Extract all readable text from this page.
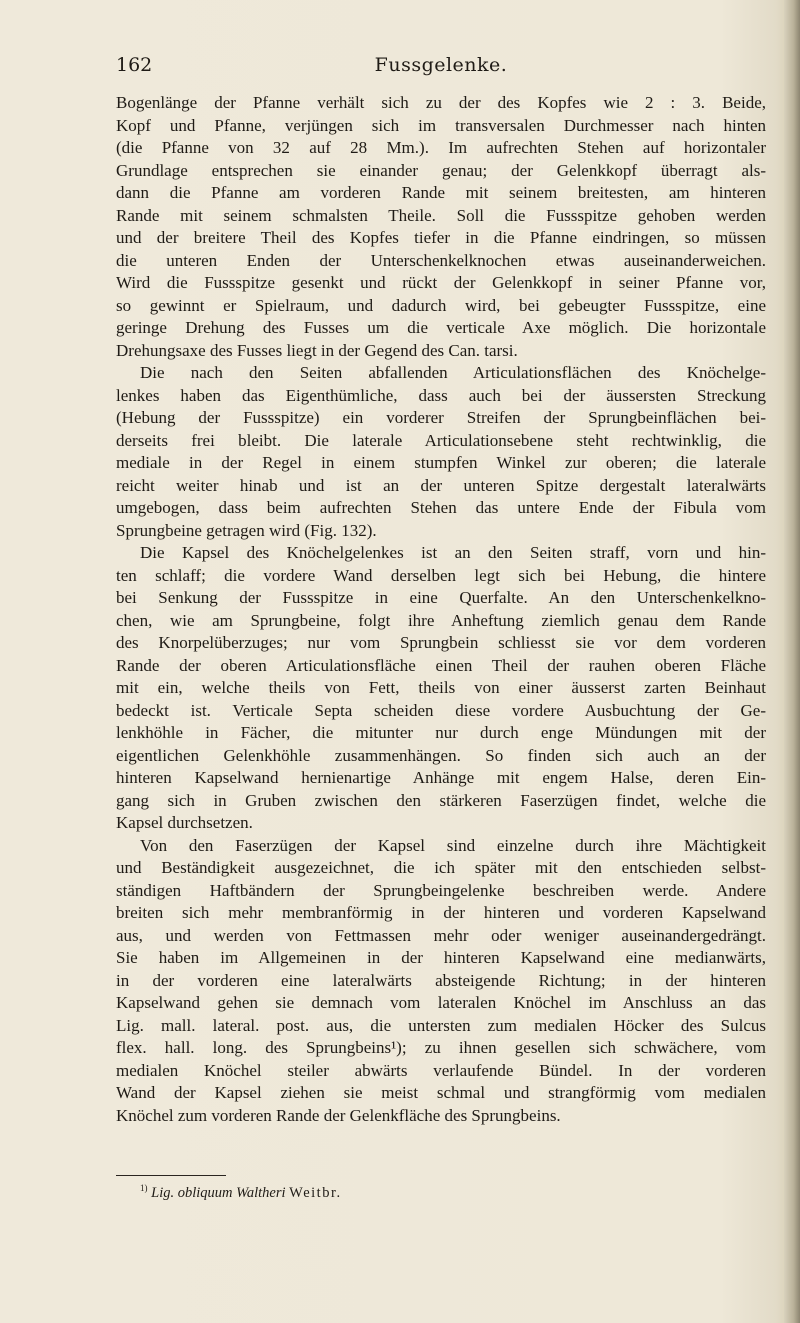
162	Fussgelenke.
Bogenlänge der Pfanne verhält sich zu der des Kopfes wie 2 : 3. Beide,
Kopf und Pfanne, verjüngen sich im transversalen Durchmesser nach hinten
(die Pfanne von 32 auf 28 Mm.). Im aufrechten Stehen auf horizontaler
Grundlage entsprechen sie einander genau; der Gelenkkopf überragt als-
dann die Pfanne am vorderen Rande mit seinem breitesten, am hinteren
Rande mit seinem schmalsten Theile. Soll die Fussspitze gehoben werden
und der breitere Theil des Kopfes tiefer in die Pfanne eindringen, so müssen
die unteren Enden der Unterschenkelknochen etwas auseinanderweichen.
Wird die Fussspitze gesenkt und rückt der Gelenkkopf in seiner Pfanne vor,
so gewinnt er Spielraum, und dadurch wird, bei gebeugter Fussspitze, eine
geringe Drehung des Fusses um die verticale Axe möglich. Die horizontale
Drehungsaxe des Fusses liegt in der Gegend des Can. tarsi.
Die nach den Seiten abfallenden Articulationsflächen des Knöchelge-
lenkes haben das Eigenthümliche, dass auch bei der äussersten Streckung
(Hebung der Fussspitze) ein vorderer Streifen der Sprungbeinflächen bei-
derseits frei bleibt. Die laterale Articulationsebene steht rechtwinklig, die
mediale in der Regel in einem stumpfen Winkel zur oberen; die laterale
reicht weiter hinab und ist an der unteren Spitze dergestalt lateralwärts
umgebogen, dass beim aufrechten Stehen das untere Ende der Fibula vom
Sprungbeine getragen wird (Fig. 132).
Die Kapsel des Knöchelgelenkes ist an den Seiten straff, vorn und hin-
ten schlaff; die vordere Wand derselben legt sich bei Hebung, die hintere
bei Senkung der Fussspitze in eine Querfalte. An den Unterschenkelkno-
chen, wie am Sprungbeine, folgt ihre Anheftung ziemlich genau dem Rande
des Knorpelüberzuges; nur vom Sprungbein schliesst sie vor dem vorderen
Rande der oberen Articulationsfläche einen Theil der rauhen oberen Fläche
mit ein, welche theils von Fett, theils von einer äusserst zarten Beinhaut
bedeckt ist. Verticale Septa scheiden diese vordere Ausbuchtung der Ge-
lenkhöhle in Fächer, die mitunter nur durch enge Mündungen mit der
eigentlichen Gelenkhöhle zusammenhängen. So finden sich auch an der
hinteren Kapselwand hernienartige Anhänge mit engem Halse, deren Ein-
gang sich in Gruben zwischen den stärkeren Faserzügen findet, welche die
Kapsel durchsetzen.
Von den Faserzügen der Kapsel sind einzelne durch ihre Mächtigkeit
und Beständigkeit ausgezeichnet, die ich später mit den entschieden selbst-
ständigen Haftbändern der Sprungbeingelenke beschreiben werde. Andere
breiten sich mehr membranförmig in der hinteren und vorderen Kapselwand
aus, und werden von Fettmassen mehr oder weniger auseinandergedrängt.
Sie haben im Allgemeinen in der hinteren Kapselwand eine medianwärts,
in der vorderen eine lateralwärts absteigende Richtung; in der hinteren
Kapselwand gehen sie demnach vom lateralen Knöchel im Anschluss an das
Lig. mall. lateral. post. aus, die untersten zum medialen Höcker des Sulcus
flex. hall. long. des Sprungbeins¹); zu ihnen gesellen sich schwächere, vom
medialen Knöchel steiler abwärts verlaufende Bündel. In der vorderen
Wand der Kapsel ziehen sie meist schmal und strangförmig vom medialen
Knöchel zum vorderen Rande der Gelenkfläche des Sprungbeins.
$^{1)}$ Lig. obliquum Waltheri Weitbr.
